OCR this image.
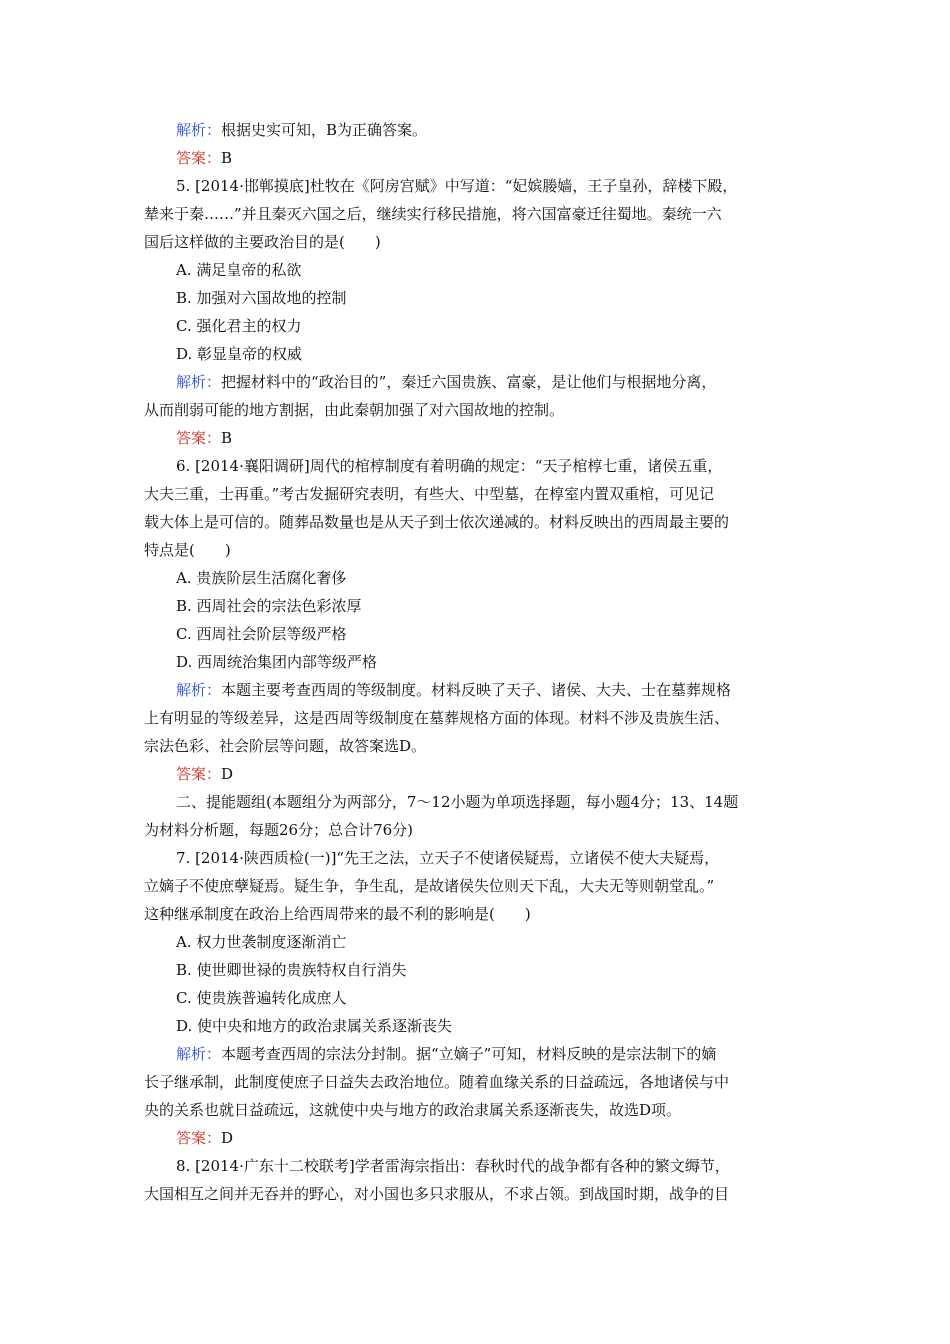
解析：根据史实可知，B为正确答案。
答案：B
5. [2014·邯郸摸底]杜牧在《阿房宫赋》中写道：“妃嫔媵嫱，王子皇孙，辞楼下殿，
辇来于秦……”并且秦灭六国之后，继续实行移民措施，将六国富豪迁往蜀地。秦统一六
国后这样做的主要政治目的是(　　)
A. 满足皇帝的私欲
B. 加强对六国故地的控制
C. 强化君主的权力
D. 彰显皇帝的权威
解析：把握材料中的“政治目的”，秦迁六国贵族、富豪，是让他们与根据地分离，
从而削弱可能的地方割据，由此秦朝加强了对六国故地的控制。
答案：B
6. [2014·襄阳调研]周代的棺椁制度有着明确的规定：“天子棺椁七重，诸侯五重，
大夫三重，士再重。”考古发掘研究表明，有些大、中型墓，在椁室内置双重棺，可见记
载大体上是可信的。随葬品数量也是从天子到士依次递减的。材料反映出的西周最主要的
特点是(　　)
A. 贵族阶层生活腐化奢侈
B. 西周社会的宗法色彩浓厚
C. 西周社会阶层等级严格
D. 西周统治集团内部等级严格
解析：本题主要考查西周的等级制度。材料反映了天子、诸侯、大夫、士在墓葬规格
上有明显的等级差异，这是西周等级制度在墓葬规格方面的体现。材料不涉及贵族生活、
宗法色彩、社会阶层等问题，故答案选D。
答案：D
二、提能题组(本题组分为两部分，7～12小题为单项选择题，每小题4分；13、14题
为材料分析题，每题26分；总合计76分)
7. [2014·陕西质检(一)]“先王之法，立天子不使诸侯疑焉，立诸侯不使大夫疑焉，
立嫡子不使庶孽疑焉。疑生争，争生乱，是故诸侯失位则天下乱，大夫无等则朝堂乱。”
这种继承制度在政治上给西周带来的最不利的影响是(　　)
A. 权力世袭制度逐渐消亡
B. 使世卿世禄的贵族特权自行消失
C. 使贵族普遍转化成庶人
D. 使中央和地方的政治隶属关系逐渐丧失
解析：本题考查西周的宗法分封制。据“立嫡子”可知，材料反映的是宗法制下的嫡
长子继承制，此制度使庶子日益失去政治地位。随着血缘关系的日益疏远，各地诸侯与中
央的关系也就日益疏远，这就使中央与地方的政治隶属关系逐渐丧失，故选D项。
答案：D
8. [2014·广东十二校联考]学者雷海宗指出：春秋时代的战争都有各种的繁文缛节，
大国相互之间并无吞并的野心，对小国也多只求服从，不求占领。到战国时期，战争的目
